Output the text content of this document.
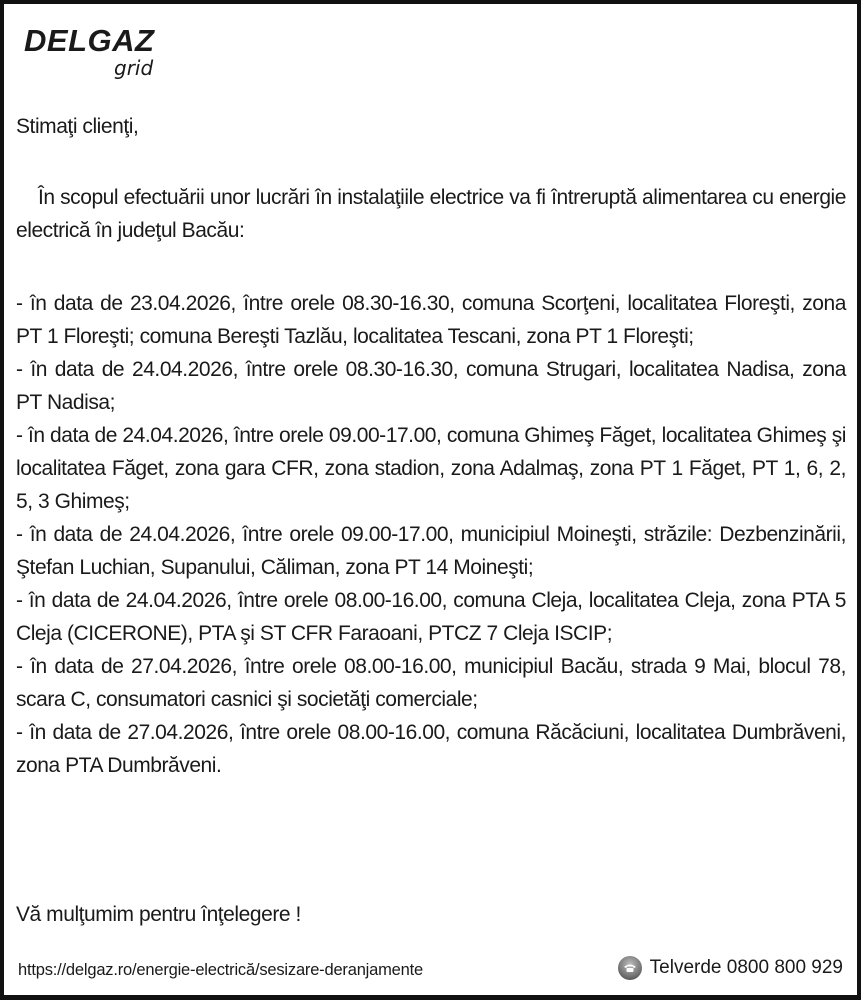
DELGAZ
grid
Stimaţi clienţi,

În scopul efectuării unor lucrări în instalaţiile electrice va fi întreruptă alimentarea cu energie electrică în judeţul Bacău:

- în data de 23.04.2026, între orele 08.30-16.30, comuna Scorţeni, localitatea Floreşti, zona PT 1 Floreşti; comuna Bereşti Tazlău, localitatea Tescani, zona PT 1 Floreşti;

- în data de 24.04.2026, între orele 08.30-16.30, comuna Strugari, localitatea Nadisa, zona PT Nadisa;

- în data de 24.04.2026, între orele 09.00-17.00, comuna Ghimeş Făget, localitatea Ghimeş şi localitatea Făget, zona gara CFR, zona stadion, zona Adalmaş, zona PT 1 Făget, PT 1, 6, 2, 5, 3 Ghimeş;

- în data de 24.04.2026, între orele 09.00-17.00, municipiul Moineşti, străzile: Dezbenzinării, Ştefan Luchian, Supanului, Căliman, zona PT 14 Moineşti;

- în data de 24.04.2026, între orele 08.00-16.00, comuna Cleja, localitatea Cleja, zona PTA 5 Cleja (CICERONE), PTA şi ST CFR Faraoani, PTCZ 7 Cleja ISCIP;

- în data de 27.04.2026, între orele 08.00-16.00, municipiul Bacău, strada 9 Mai, blocul 78, scara C, consumatori casnici şi societăţi comerciale;

- în data de 27.04.2026, între orele 08.00-16.00, comuna Răcăciuni, localitatea Dumbrăveni, zona PTA Dumbrăveni.

Vă mulţumim pentru înţelegere !
https://delgaz.ro/energie-electrică/sesizare-deranjamente	Telverde 0800 800 929
